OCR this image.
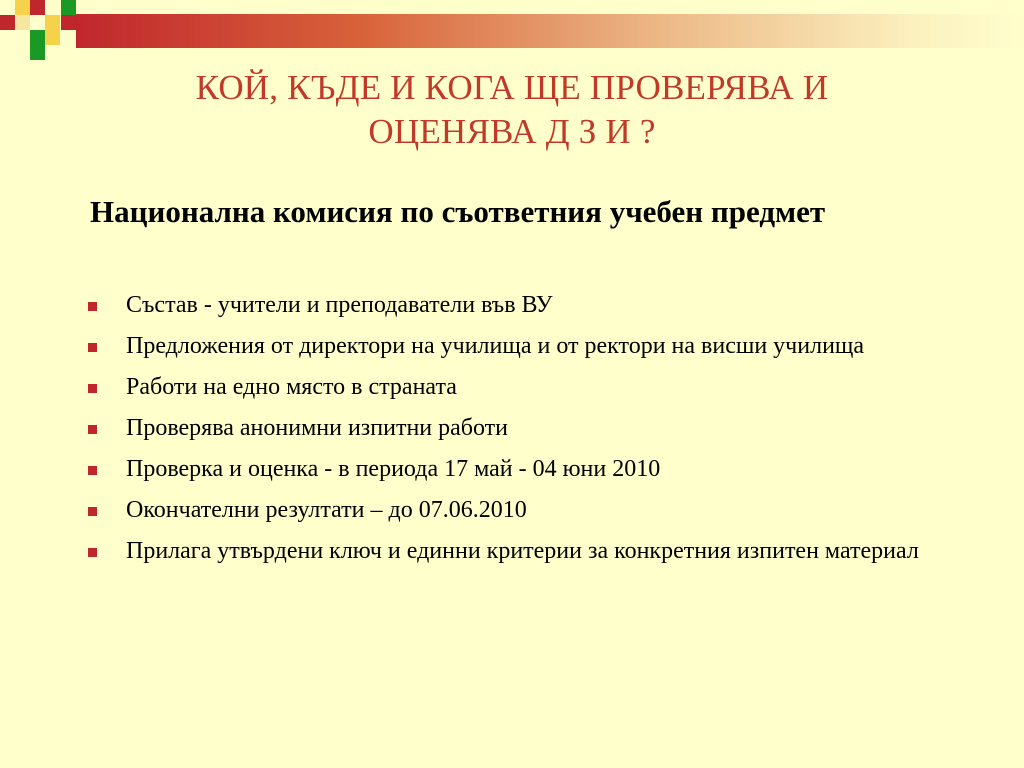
КОЙ, КЪДЕ И КОГА ЩЕ ПРОВЕРЯВА И
ОЦЕНЯВА Д З И ?
Национална комисия по съответния учебен предмет
Състав - учители и преподаватели във ВУ
Предложения от директори на училища и от ректори на висши училища
Работи на едно място в страната
Проверява анонимни изпитни работи
Проверка и оценка - в периода 17 май - 04 юни 2010
Окончателни резултати – до 07.06.2010
Прилага утвърдени ключ и единни критерии за конкретния изпитен материал
